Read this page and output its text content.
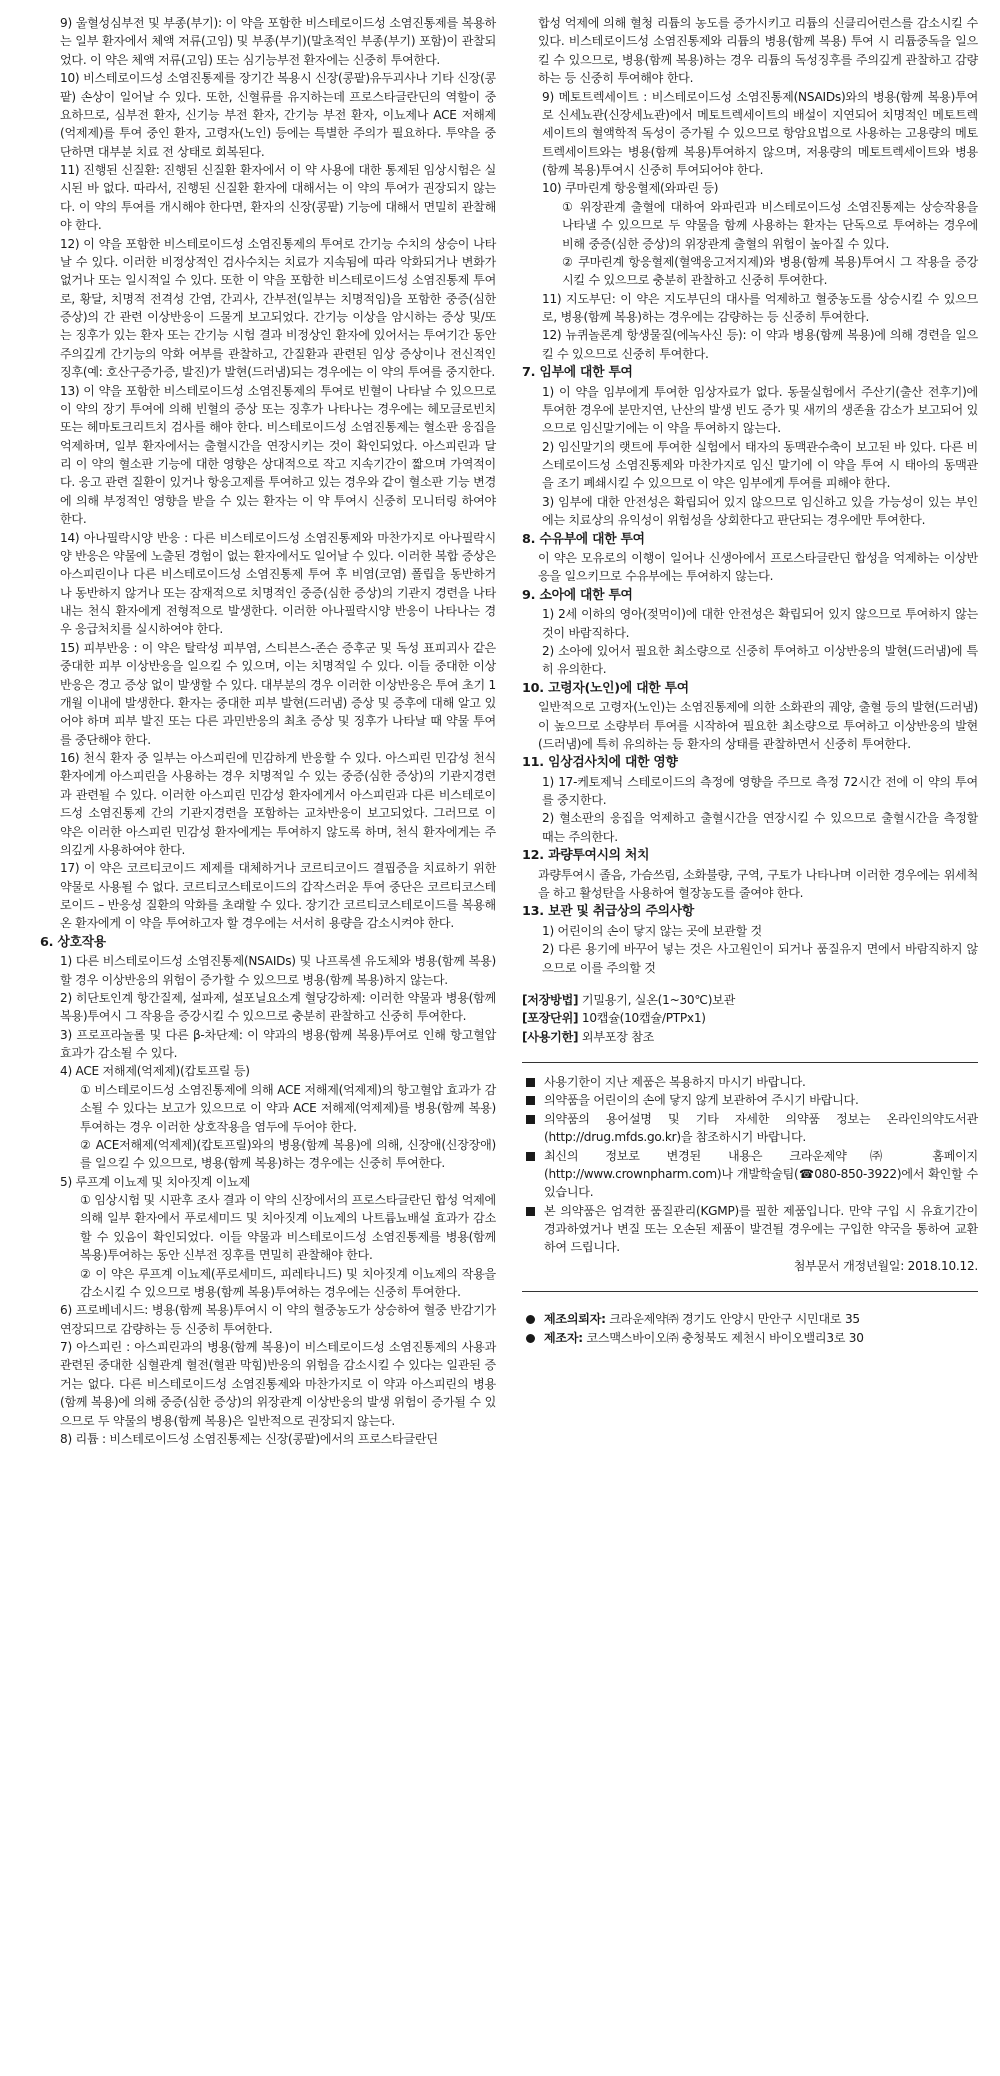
9) 울혈성심부전 및 부종(부기): 이 약을 포함한 비스테로이드성 소염진통제를 복용하는 일부 환자에서 체액 저류(고임) 및 부종(부기)(말초적인 부종(부기) 포함)이 관찰되었다. 이 약은 체액 저류(고임) 또는 심기능부전 환자에는 신중히 투여한다.

10) 비스테로이드성 소염진통제를 장기간 복용시 신장(콩팥)유두괴사나 기타 신장(콩팥) 손상이 일어날 수 있다. 또한, 신혈류를 유지하는데 프로스타글란딘의 역할이 중요하므로, 심부전 환자, 신기능 부전 환자, 간기능 부전 환자, 이뇨제나 ACE 저해제(억제제)를 투여 중인 환자, 고령자(노인) 등에는 특별한 주의가 필요하다. 투약을 중단하면 대부분 치료 전 상태로 회복된다.

11) 진행된 신질환: 진행된 신질환 환자에서 이 약 사용에 대한 통제된 임상시험은 실시된 바 없다. 따라서, 진행된 신질환 환자에 대해서는 이 약의 투여가 권장되지 않는다. 이 약의 투여를 개시해야 한다면, 환자의 신장(콩팥) 기능에 대해서 면밀히 관찰해야 한다.

12) 이 약을 포함한 비스테로이드성 소염진통제의 투여로 간기능 수치의 상승이 나타날 수 있다. 이러한 비정상적인 검사수치는 치료가 지속됨에 따라 악화되거나 변화가 없거나 또는 일시적일 수 있다. 또한 이 약을 포함한 비스테로이드성 소염진통제 투여로, 황달, 치명적 전격성 간염, 간괴사, 간부전(일부는 치명적임)을 포함한 중증(심한 증상)의 간 관련 이상반응이 드물게 보고되었다. 간기능 이상을 암시하는 증상 및/또는 징후가 있는 환자 또는 간기능 시험 결과 비정상인 환자에 있어서는 투여기간 동안 주의깊게 간기능의 악화 여부를 관찰하고, 간질환과 관련된 임상 증상이나 전신적인 징후(예: 호산구증가증, 발진)가 발현(드러냄)되는 경우에는 이 약의 투여를 중지한다.

13) 이 약을 포함한 비스테로이드성 소염진통제의 투여로 빈혈이 나타날 수 있으므로 이 약의 장기 투여에 의해 빈혈의 증상 또는 징후가 나타나는 경우에는 헤모글로빈치 또는 헤마토크리트치 검사를 해야 한다. 비스테로이드성 소염진통제는 혈소판 응집을 억제하며, 일부 환자에서는 출혈시간을 연장시키는 것이 확인되었다. 아스피린과 달리 이 약의 혈소판 기능에 대한 영향은 상대적으로 작고 지속기간이 짧으며 가역적이다. 응고 관련 질환이 있거나 항응고제를 투여하고 있는 경우와 같이 혈소판 기능 변경에 의해 부정적인 영향을 받을 수 있는 환자는 이 약 투여시 신중히 모니터링 하여야 한다.

14) 아나필락시양 반응 : 다른 비스테로이드성 소염진통제와 마찬가지로 아나필락시양 반응은 약물에 노출된 경험이 없는 환자에서도 일어날 수 있다. 이러한 복합 증상은 아스피린이나 다른 비스테로이드성 소염진통제 투여 후 비염(코염) 폴립을 동반하거나 동반하지 않거나 또는 잠재적으로 치명적인 중증(심한 증상)의 기관지 경련을 나타내는 천식 환자에게 전형적으로 발생한다. 이러한 아나필락시양 반응이 나타나는 경우 응급처치를 실시하여야 한다.

15) 피부반응 : 이 약은 탈락성 피부염, 스티븐스-존슨 증후군 및 독성 표피괴사 같은 중대한 피부 이상반응을 일으킬 수 있으며, 이는 치명적일 수 있다. 이들 중대한 이상반응은 경고 증상 없이 발생할 수 있다. 대부분의 경우 이러한 이상반응은 투여 초기 1개월 이내에 발생한다. 환자는 중대한 피부 발현(드러냄) 증상 및 증후에 대해 알고 있어야 하며 피부 발진 또는 다른 과민반응의 최초 증상 및 징후가 나타날 때 약물 투여를 중단해야 한다.

16) 천식 환자 중 일부는 아스피린에 민감하게 반응할 수 있다. 아스피린 민감성 천식 환자에게 아스피린을 사용하는 경우 치명적일 수 있는 중증(심한 증상)의 기관지경련과 관련될 수 있다. 이러한 아스피린 민감성 환자에게서 아스피린과 다른 비스테로이드성 소염진통제 간의 기관지경련을 포함하는 교차반응이 보고되었다. 그러므로 이 약은 이러한 아스피린 민감성 환자에게는 투여하지 않도록 하며, 천식 환자에게는 주의깊게 사용하여야 한다.

17) 이 약은 코르티코이드 제제를 대체하거나 코르티코이드 결핍증을 치료하기 위한 약물로 사용될 수 없다. 코르티코스테로이드의 갑작스러운 투여 중단은 코르티코스테로이드 – 반응성 질환의 악화를 초래할 수 있다. 장기간 코르티코스테로이드를 복용해 온 환자에게 이 약을 투여하고자 할 경우에는 서서히 용량을 감소시켜야 한다.

6. 상호작용

1) 다른 비스테로이드성 소염진통제(NSAIDs) 및 나프록센 유도체와 병용(함께 복용)할 경우 이상반응의 위험이 증가할 수 있으므로 병용(함께 복용)하지 않는다.

2) 히단토인계 항간질제, 설파제, 설포닐요소계 혈당강하제: 이러한 약물과 병용(함께 복용)투여시 그 작용을 증강시킬 수 있으므로 충분히 관찰하고 신중히 투여한다.

3) 프로프라놀롤 및 다른 β-차단제: 이 약과의 병용(함께 복용)투여로 인해 항고혈압 효과가 감소될 수 있다.

4) ACE 저해제(억제제)(캅토프릴 등)

① 비스테로이드성 소염진통제에 의해 ACE 저해제(억제제)의 항고혈압 효과가 감소될 수 있다는 보고가 있으므로 이 약과 ACE 저해제(억제제)를 병용(함께 복용)투여하는 경우 이러한 상호작용을 염두에 두어야 한다.

② ACE저해제(억제제)(캅토프릴)와의 병용(함께 복용)에 의해, 신장애(신장장애)를 일으킬 수 있으므로, 병용(함께 복용)하는 경우에는 신중히 투여한다.

5) 루프계 이뇨제 및 치아짓계 이뇨제

① 임상시험 및 시판후 조사 결과 이 약의 신장에서의 프로스타글란딘 합성 억제에 의해 일부 환자에서 푸로세미드 및 치아짓계 이뇨제의 나트륨뇨배설 효과가 감소할 수 있음이 확인되었다. 이들 약물과 비스테로이드성 소염진통제를 병용(함께 복용)투여하는 동안 신부전 징후를 면밀히 관찰해야 한다.

② 이 약은 루프계 이뇨제(푸로세미드, 피레타니드) 및 치아짓계 이뇨제의 작용을 감소시킬 수 있으므로 병용(함께 복용)투여하는 경우에는 신중히 투여한다.

6) 프로베네시드: 병용(함께 복용)투여시 이 약의 혈중농도가 상승하여 혈중 반감기가 연장되므로 감량하는 등 신중히 투여한다.

7) 아스피린 : 아스피린과의 병용(함께 복용)이 비스테로이드성 소염진통제의 사용과 관련된 중대한 심혈관계 혈전(혈관 막힘)반응의 위험을 감소시킬 수 있다는 일관된 증거는 없다. 다른 비스테로이드성 소염진통제와 마찬가지로 이 약과 아스피린의 병용(함께 복용)에 의해 중증(심한 증상)의 위장관계 이상반응의 발생 위험이 증가될 수 있으므로 두 약물의 병용(함께 복용)은 일반적으로 권장되지 않는다.

8) 리튬 : 비스테로이드성 소염진통제는 신장(콩팥)에서의 프로스타글란딘

합성 억제에 의해 혈청 리튬의 농도를 증가시키고 리튬의 신클리어런스를 감소시킬 수 있다. 비스테로이드성 소염진통제와 리튬의 병용(함께 복용) 투여 시 리튬중독을 일으킬 수 있으므로, 병용(함께 복용)하는 경우 리튬의 독성징후를 주의깊게 관찰하고 감량하는 등 신중히 투여해야 한다.

9) 메토트렉세이트 : 비스테로이드성 소염진통제(NSAIDs)와의 병용(함께 복용)투여로 신세뇨관(신장세뇨관)에서 메토트렉세이트의 배설이 지연되어 치명적인 메토트렉세이트의 혈액학적 독성이 증가될 수 있으므로 항암요법으로 사용하는 고용량의 메토트렉세이트와는 병용(함께 복용)투여하지 않으며, 저용량의 메토트렉세이트와 병용(함께 복용)투여시 신중히 투여되어야 한다.

10) 쿠마린계 항응혈제(와파린 등)

① 위장관계 출혈에 대하여 와파린과 비스테로이드성 소염진통제는 상승작용을 나타낼 수 있으므로 두 약물을 함께 사용하는 환자는 단독으로 투여하는 경우에 비해 중증(심한 증상)의 위장관계 출혈의 위험이 높아질 수 있다.

② 쿠마린계 항응혈제(혈액응고저지제)와 병용(함께 복용)투여시 그 작용을 증강시킬 수 있으므로 충분히 관찰하고 신중히 투여한다.

11) 지도부딘: 이 약은 지도부딘의 대사를 억제하고 혈중농도를 상승시킬 수 있으므로, 병용(함께 복용)하는 경우에는 감량하는 등 신중히 투여한다.

12) 뉴퀴놀론계 항생물질(에녹사신 등): 이 약과 병용(함께 복용)에 의해 경련을 일으킬 수 있으므로 신중히 투여한다.

7. 임부에 대한 투여

1) 이 약을 임부에게 투여한 임상자료가 없다. 동물실험에서 주산기(출산 전후기)에 투여한 경우에 분만지연, 난산의 발생 빈도 증가 및 새끼의 생존율 감소가 보고되어 있으므로 임신말기에는 이 약을 투여하지 않는다.

2) 임신말기의 랫트에 투여한 실험에서 태자의 동맥관수축이 보고된 바 있다. 다른 비스테로이드성 소염진통제와 마찬가지로 임신 말기에 이 약을 투여 시 태아의 동맥관을 조기 폐쇄시킬 수 있으므로 이 약은 임부에게 투여를 피해야 한다.

3) 임부에 대한 안전성은 확립되어 있지 않으므로 임신하고 있을 가능성이 있는 부인에는 치료상의 유익성이 위험성을 상회한다고 판단되는 경우에만 투여한다.

8. 수유부에 대한 투여

이 약은 모유로의 이행이 일어나 신생아에서 프로스타글란딘 합성을 억제하는 이상반응을 일으키므로 수유부에는 투여하지 않는다.

9. 소아에 대한 투여

1) 2세 이하의 영아(젖먹이)에 대한 안전성은 확립되어 있지 않으므로 투여하지 않는 것이 바람직하다.

2) 소아에 있어서 필요한 최소량으로 신중히 투여하고 이상반응의 발현(드러냄)에 특히 유의한다.

10. 고령자(노인)에 대한 투여

일반적으로 고령자(노인)는 소염진통제에 의한 소화관의 궤양, 출혈 등의 발현(드러냄)이 높으므로 소량부터 투여를 시작하여 필요한 최소량으로 투여하고 이상반응의 발현(드러냄)에 특히 유의하는 등 환자의 상태를 관찰하면서 신중히 투여한다.

11. 임상검사치에 대한 영향

1) 17-케토제닉 스테로이드의 측정에 영향을 주므로 측정 72시간 전에 이 약의 투여를 중지한다.

2) 혈소판의 응집을 억제하고 출혈시간을 연장시킬 수 있으므로 출혈시간을 측정할 때는 주의한다.

12. 과량투여시의 처치

과량투여시 졸음, 가슴쓰림, 소화불량, 구역, 구토가 나타나며 이러한 경우에는 위세척을 하고 활성탄을 사용하여 혈장농도를 줄여야 한다.

13. 보관 및 취급상의 주의사항

1) 어린이의 손이 닿지 않는 곳에 보관할 것

2) 다른 용기에 바꾸어 넣는 것은 사고원인이 되거나 품질유지 면에서 바람직하지 않으므로 이를 주의할 것

[저장방법] 기밀용기, 실온(1~30℃)보관

[포장단위] 10캡슐(10캡슐/PTPx1)

[사용기한] 외부포장 참조

사용기한이 지난 제품은 복용하지 마시기 바랍니다.
의약품을 어린이의 손에 닿지 않게 보관하여 주시기 바랍니다.
의약품의 용어설명 및 기타 자세한 의약품 정보는 온라인의약도서관(http://drug.mfds.go.kr)을 참조하시기 바랍니다.
최신의 정보로 변경된 내용은 크라운제약㈜ 홈페이지(http://www.crownpharm.com)나 개발학술팀(☎080-850-3922)에서 확인할 수 있습니다.
본 의약품은 엄격한 품질관리(KGMP)를 필한 제품입니다. 만약 구입 시 유효기간이 경과하였거나 변질 또는 오손된 제품이 발견될 경우에는 구입한 약국을 통하여 교환하여 드립니다.

첨부문서 개정년월일: 2018.10.12.

제조의뢰자: 크라운제약㈜ 경기도 안양시 만안구 시민대로 35

제조자: 코스맥스바이오㈜ 충청북도 제천시 바이오밸리3로 30
